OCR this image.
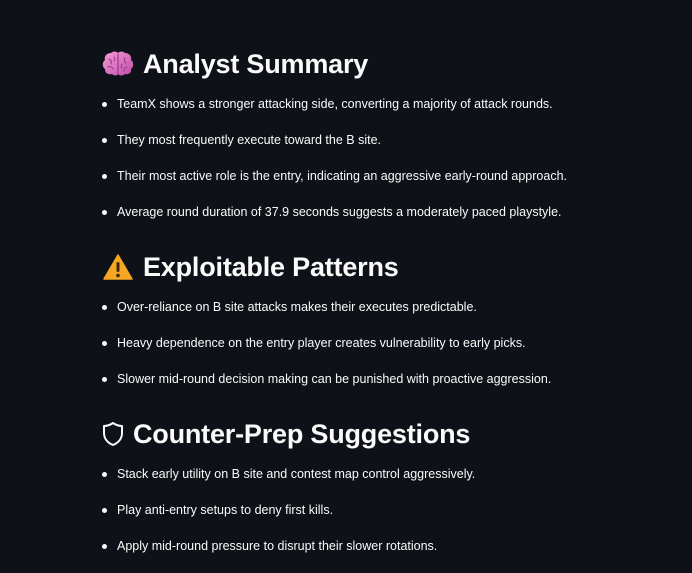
Analyst Summary
TeamX shows a stronger attacking side, converting a majority of attack rounds.
They most frequently execute toward the B site.
Their most active role is the entry, indicating an aggressive early-round approach.
Average round duration of 37.9 seconds suggests a moderately paced playstyle.
Exploitable Patterns
Over-reliance on B site attacks makes their executes predictable.
Heavy dependence on the entry player creates vulnerability to early picks.
Slower mid-round decision making can be punished with proactive aggression.
Counter-Prep Suggestions
Stack early utility on B site and contest map control aggressively.
Play anti-entry setups to deny first kills.
Apply mid-round pressure to disrupt their slower rotations.
